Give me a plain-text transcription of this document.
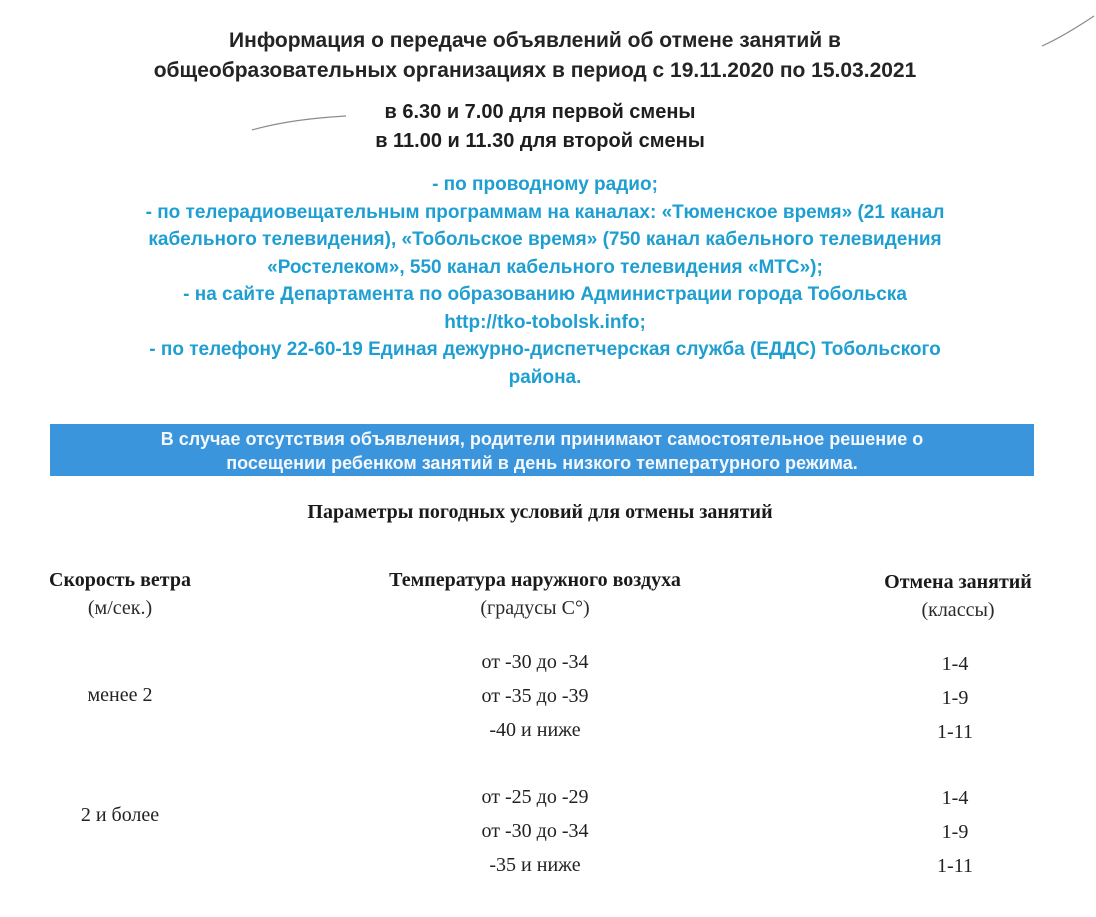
Информация о передаче объявлений об отмене занятий в
общеобразовательных организациях в период с 19.11.2020 по 15.03.2021
в 6.30 и 7.00 для первой смены
в 11.00 и 11.30 для второй смены
- по проводному радио;
- по телерадиовещательным программам на каналах: «Тюменское время» (21 канал
кабельного телевидения), «Тобольское время» (750 канал кабельного телевидения
«Ростелеком», 550 канал кабельного телевидения «МТС»);
- на сайте Департамента по образованию Администрации города Тобольска
http://tko-tobolsk.info;
- по телефону 22-60-19 Единая дежурно-диспетчерская служба (ЕДДС) Тобольского
района.
В случае отсутствия объявления, родители принимают самостоятельное решение о
посещении ребенком занятий в день низкого температурного режима.
Параметры погодных условий для отмены занятий
Скорость ветра
(м/сек.)
Температура наружного воздуха
(градусы С°)
Отмена занятий
(классы)
менее 2
от -30 до -34
от -35 до -39
-40 и ниже
1-4
1-9
1-11
2 и более
от -25 до -29
от -30 до -34
-35 и ниже
1-4
1-9
1-11
